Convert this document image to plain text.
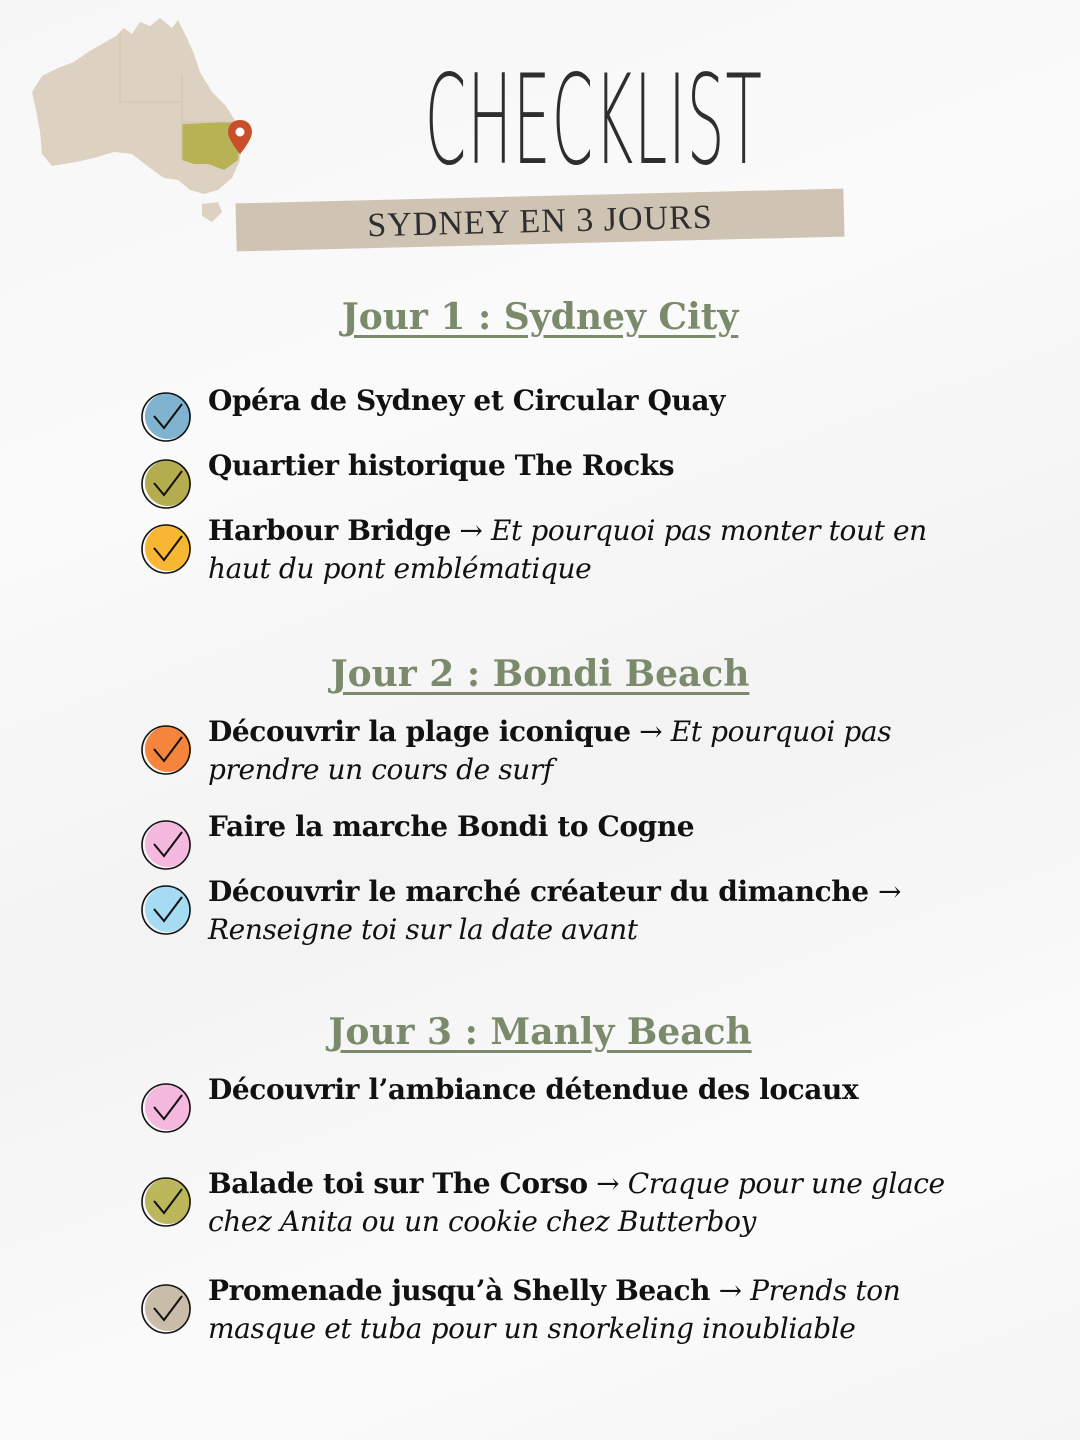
CHECKLIST
SYDNEY EN 3 JOURS
Jour 1 : Sydney City
Opéra de Sydney et Circular Quay
Quartier historique The Rocks
Harbour Bridge → Et pourquoi pas monter tout en haut du pont emblématique
Jour 2 : Bondi Beach
Découvrir la plage iconique → Et pourquoi pas prendre un cours de surf
Faire la marche Bondi to Cogne
Découvrir le marché créateur du dimanche → Renseigne toi sur la date avant
Jour 3 : Manly Beach
Découvrir l’ambiance détendue des locaux
Balade toi sur The Corso → Craque pour une glace chez Anita ou un cookie chez Butterboy
Promenade jusqu’à Shelly Beach → Prends ton masque et tuba pour un snorkeling inoubliable
